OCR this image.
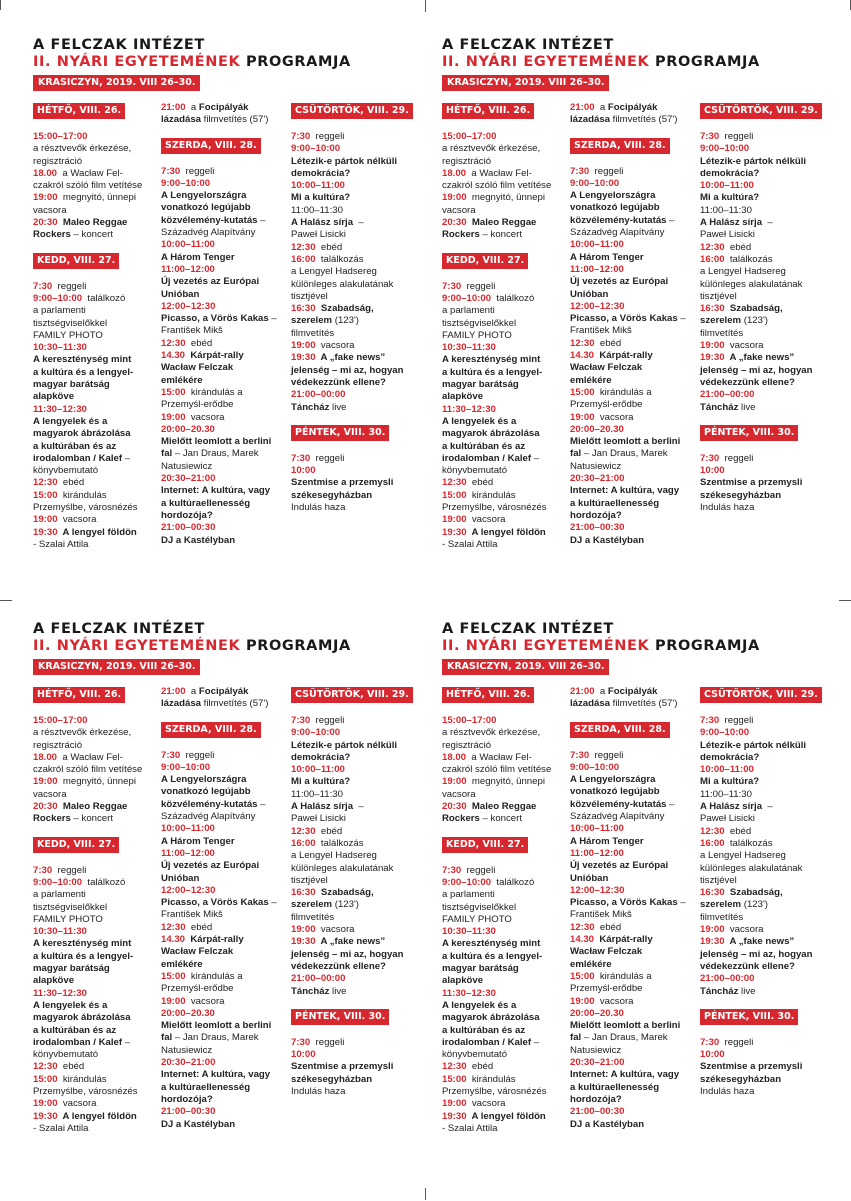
A FELCZAK INTÉZET
II. NYÁRI EGYETEMÉNEK PROGRAMJA
KRASICZYN, 2019. VIII 26–30.
HÉTFŐ, VIII. 26.
15:00–17:00
a résztvevők érkezése,
regisztráció
18.00  a Wacław Fel-
czakról szóló film vetítése
19:00  megnyitó, ünnepi
vacsora
20:30  Maleo Reggae
Rockers – koncert
KEDD, VIII. 27.
7:30  reggeli
9:00–10:00  találkozó
a parlamenti
tisztségviselőkkel
FAMILY PHOTO
10:30–11:30
A kereszténység mint
a kultúra és a lengyel-
magyar barátság
alapköve
11:30–12:30
A lengyelek és a
magyarok ábrázolása
a kultúrában és az
irodalomban / Kalef –
könyvbemutató
12:30  ebéd
15:00  kirándulás
Przemyślbe, városnézés
19:00  vacsora
19:30  A lengyel földön
- Szalai Attila
21:00  a Focipályák
lázadása filmvetítés (57')
SZERDA, VIII. 28.
7:30  reggeli
9:00–10:00
A Lengyelországra
vonatkozó legújabb
közvélemény-kutatás –
Századvég Alapítvány
10:00–11:00
A Három Tenger
11:00–12:00
Új vezetés az Európai
Unióban
12:00–12:30
Picasso, a Vörös Kakas –
František Mikš
12:30  ebéd
14.30  Kárpát-rally
Wacław Felczak
emlékére
15:00  kirándulás a
Przemyśl-erődbe
19:00  vacsora
20:00–20.30
Mielőtt leomlott a berlini
fal – Jan Draus, Marek
Natusiewicz
20:30–21:00
Internet: A kultúra, vagy
a kultúraellenesség
hordozója?
21:00–00:30
DJ a Kastélyban
CSÜTÖRTÖK, VIII. 29.
7:30  reggeli
9:00–10:00
Létezik-e pártok nélküli
demokrácia?
10:00–11:00
Mi a kultúra?
11:00–11:30
A Halász sírja  –
Paweł Lisicki
12:30  ebéd
16:00  találkozás
a Lengyel Hadsereg
különleges alakulatának
tisztjével
16:30  Szabadság,
szerelem (123')
filmvetítés
19:00  vacsora
19:30  A „fake news”
jelenség – mi az, hogyan
védekezzünk ellene?
21:00–00:00
Táncház live
PÉNTEK, VIII. 30.
7:30  reggeli
10:00
Szentmise a przemysli
székesegyházban
Indulás haza
A FELCZAK INTÉZET
II. NYÁRI EGYETEMÉNEK PROGRAMJA
KRASICZYN, 2019. VIII 26–30.
HÉTFŐ, VIII. 26.
15:00–17:00
a résztvevők érkezése,
regisztráció
18.00  a Wacław Fel-
czakról szóló film vetítése
19:00  megnyitó, ünnepi
vacsora
20:30  Maleo Reggae
Rockers – koncert
KEDD, VIII. 27.
7:30  reggeli
9:00–10:00  találkozó
a parlamenti
tisztségviselőkkel
FAMILY PHOTO
10:30–11:30
A kereszténység mint
a kultúra és a lengyel-
magyar barátság
alapköve
11:30–12:30
A lengyelek és a
magyarok ábrázolása
a kultúrában és az
irodalomban / Kalef –
könyvbemutató
12:30  ebéd
15:00  kirándulás
Przemyślbe, városnézés
19:00  vacsora
19:30  A lengyel földön
- Szalai Attila
21:00  a Focipályák
lázadása filmvetítés (57')
SZERDA, VIII. 28.
7:30  reggeli
9:00–10:00
A Lengyelországra
vonatkozó legújabb
közvélemény-kutatás –
Századvég Alapítvány
10:00–11:00
A Három Tenger
11:00–12:00
Új vezetés az Európai
Unióban
12:00–12:30
Picasso, a Vörös Kakas –
František Mikš
12:30  ebéd
14.30  Kárpát-rally
Wacław Felczak
emlékére
15:00  kirándulás a
Przemyśl-erődbe
19:00  vacsora
20:00–20.30
Mielőtt leomlott a berlini
fal – Jan Draus, Marek
Natusiewicz
20:30–21:00
Internet: A kultúra, vagy
a kultúraellenesség
hordozója?
21:00–00:30
DJ a Kastélyban
CSÜTÖRTÖK, VIII. 29.
7:30  reggeli
9:00–10:00
Létezik-e pártok nélküli
demokrácia?
10:00–11:00
Mi a kultúra?
11:00–11:30
A Halász sírja  –
Paweł Lisicki
12:30  ebéd
16:00  találkozás
a Lengyel Hadsereg
különleges alakulatának
tisztjével
16:30  Szabadság,
szerelem (123')
filmvetítés
19:00  vacsora
19:30  A „fake news”
jelenség – mi az, hogyan
védekezzünk ellene?
21:00–00:00
Táncház live
PÉNTEK, VIII. 30.
7:30  reggeli
10:00
Szentmise a przemysli
székesegyházban
Indulás haza
A FELCZAK INTÉZET
II. NYÁRI EGYETEMÉNEK PROGRAMJA
KRASICZYN, 2019. VIII 26–30.
HÉTFŐ, VIII. 26.
15:00–17:00
a résztvevők érkezése,
regisztráció
18.00  a Wacław Fel-
czakról szóló film vetítése
19:00  megnyitó, ünnepi
vacsora
20:30  Maleo Reggae
Rockers – koncert
KEDD, VIII. 27.
7:30  reggeli
9:00–10:00  találkozó
a parlamenti
tisztségviselőkkel
FAMILY PHOTO
10:30–11:30
A kereszténység mint
a kultúra és a lengyel-
magyar barátság
alapköve
11:30–12:30
A lengyelek és a
magyarok ábrázolása
a kultúrában és az
irodalomban / Kalef –
könyvbemutató
12:30  ebéd
15:00  kirándulás
Przemyślbe, városnézés
19:00  vacsora
19:30  A lengyel földön
- Szalai Attila
21:00  a Focipályák
lázadása filmvetítés (57')
SZERDA, VIII. 28.
7:30  reggeli
9:00–10:00
A Lengyelországra
vonatkozó legújabb
közvélemény-kutatás –
Századvég Alapítvány
10:00–11:00
A Három Tenger
11:00–12:00
Új vezetés az Európai
Unióban
12:00–12:30
Picasso, a Vörös Kakas –
František Mikš
12:30  ebéd
14.30  Kárpát-rally
Wacław Felczak
emlékére
15:00  kirándulás a
Przemyśl-erődbe
19:00  vacsora
20:00–20.30
Mielőtt leomlott a berlini
fal – Jan Draus, Marek
Natusiewicz
20:30–21:00
Internet: A kultúra, vagy
a kultúraellenesség
hordozója?
21:00–00:30
DJ a Kastélyban
CSÜTÖRTÖK, VIII. 29.
7:30  reggeli
9:00–10:00
Létezik-e pártok nélküli
demokrácia?
10:00–11:00
Mi a kultúra?
11:00–11:30
A Halász sírja  –
Paweł Lisicki
12:30  ebéd
16:00  találkozás
a Lengyel Hadsereg
különleges alakulatának
tisztjével
16:30  Szabadság,
szerelem (123')
filmvetítés
19:00  vacsora
19:30  A „fake news”
jelenség – mi az, hogyan
védekezzünk ellene?
21:00–00:00
Táncház live
PÉNTEK, VIII. 30.
7:30  reggeli
10:00
Szentmise a przemysli
székesegyházban
Indulás haza
A FELCZAK INTÉZET
II. NYÁRI EGYETEMÉNEK PROGRAMJA
KRASICZYN, 2019. VIII 26–30.
HÉTFŐ, VIII. 26.
15:00–17:00
a résztvevők érkezése,
regisztráció
18.00  a Wacław Fel-
czakról szóló film vetítése
19:00  megnyitó, ünnepi
vacsora
20:30  Maleo Reggae
Rockers – koncert
KEDD, VIII. 27.
7:30  reggeli
9:00–10:00  találkozó
a parlamenti
tisztségviselőkkel
FAMILY PHOTO
10:30–11:30
A kereszténység mint
a kultúra és a lengyel-
magyar barátság
alapköve
11:30–12:30
A lengyelek és a
magyarok ábrázolása
a kultúrában és az
irodalomban / Kalef –
könyvbemutató
12:30  ebéd
15:00  kirándulás
Przemyślbe, városnézés
19:00  vacsora
19:30  A lengyel földön
- Szalai Attila
21:00  a Focipályák
lázadása filmvetítés (57')
SZERDA, VIII. 28.
7:30  reggeli
9:00–10:00
A Lengyelországra
vonatkozó legújabb
közvélemény-kutatás –
Századvég Alapítvány
10:00–11:00
A Három Tenger
11:00–12:00
Új vezetés az Európai
Unióban
12:00–12:30
Picasso, a Vörös Kakas –
František Mikš
12:30  ebéd
14.30  Kárpát-rally
Wacław Felczak
emlékére
15:00  kirándulás a
Przemyśl-erődbe
19:00  vacsora
20:00–20.30
Mielőtt leomlott a berlini
fal – Jan Draus, Marek
Natusiewicz
20:30–21:00
Internet: A kultúra, vagy
a kultúraellenesség
hordozója?
21:00–00:30
DJ a Kastélyban
CSÜTÖRTÖK, VIII. 29.
7:30  reggeli
9:00–10:00
Létezik-e pártok nélküli
demokrácia?
10:00–11:00
Mi a kultúra?
11:00–11:30
A Halász sírja  –
Paweł Lisicki
12:30  ebéd
16:00  találkozás
a Lengyel Hadsereg
különleges alakulatának
tisztjével
16:30  Szabadság,
szerelem (123')
filmvetítés
19:00  vacsora
19:30  A „fake news”
jelenség – mi az, hogyan
védekezzünk ellene?
21:00–00:00
Táncház live
PÉNTEK, VIII. 30.
7:30  reggeli
10:00
Szentmise a przemysli
székesegyházban
Indulás haza
